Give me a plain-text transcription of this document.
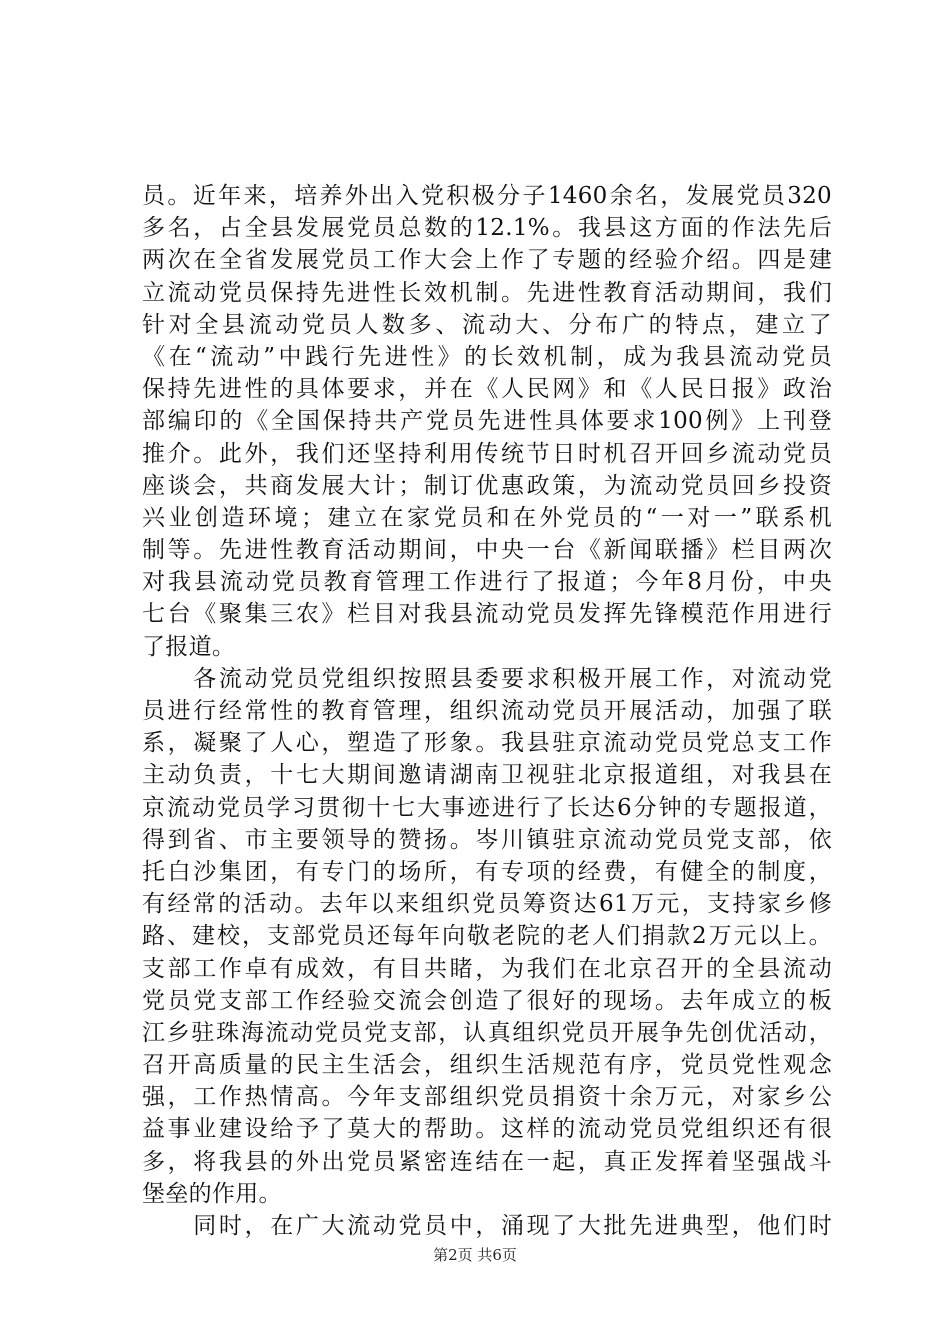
员。近年来，培养外出入党积极分子1460余名，发展党员320
多名，占全县发展党员总数的12.1%。我县这方面的作法先后
两次在全省发展党员工作大会上作了专题的经验介绍。四是建
立流动党员保持先进性长效机制。先进性教育活动期间，我们
针对全县流动党员人数多、流动大、分布广的特点，建立了
《在“流动”中践行先进性》的长效机制，成为我县流动党员
保持先进性的具体要求，并在《人民网》和《人民日报》政治
部编印的《全国保持共产党员先进性具体要求100例》上刊登
推介。此外，我们还坚持利用传统节日时机召开回乡流动党员
座谈会，共商发展大计；制订优惠政策，为流动党员回乡投资
兴业创造环境；建立在家党员和在外党员的“一对一”联系机
制等。先进性教育活动期间，中央一台《新闻联播》栏目两次
对我县流动党员教育管理工作进行了报道；今年8月份，中央
七台《聚集三农》栏目对我县流动党员发挥先锋模范作用进行
了报道。
　　各流动党员党组织按照县委要求积极开展工作，对流动党
员进行经常性的教育管理，组织流动党员开展活动，加强了联
系，凝聚了人心，塑造了形象。我县驻京流动党员党总支工作
主动负责，十七大期间邀请湖南卫视驻北京报道组，对我县在
京流动党员学习贯彻十七大事迹进行了长达6分钟的专题报道，
得到省、市主要领导的赞扬。岑川镇驻京流动党员党支部，依
托白沙集团，有专门的场所，有专项的经费，有健全的制度，
有经常的活动。去年以来组织党员筹资达61万元，支持家乡修
路、建校，支部党员还每年向敬老院的老人们捐款2万元以上。
支部工作卓有成效，有目共睹，为我们在北京召开的全县流动
党员党支部工作经验交流会创造了很好的现场。去年成立的板
江乡驻珠海流动党员党支部，认真组织党员开展争先创优活动，
召开高质量的民主生活会，组织生活规范有序，党员党性观念
强，工作热情高。今年支部组织党员捐资十余万元，对家乡公
益事业建设给予了莫大的帮助。这样的流动党员党组织还有很
多，将我县的外出党员紧密连结在一起，真正发挥着坚强战斗
堡垒的作用。
　　同时，在广大流动党员中，涌现了大批先进典型，他们时
第2页 共6页
